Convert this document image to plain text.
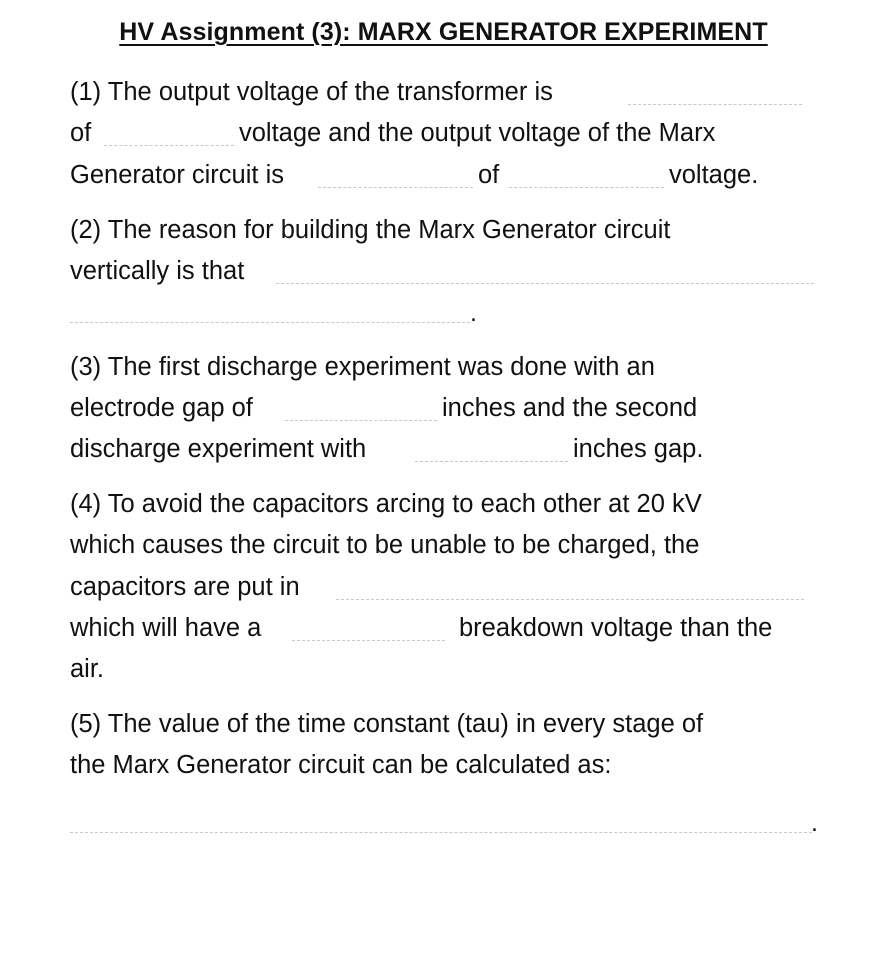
HV Assignment (3): MARX GENERATOR EXPERIMENT
(1) The output voltage of the transformer is
of	voltage and the output voltage of the Marx
Generator circuit is	of	voltage.
(2) The reason for building the Marx Generator circuit
vertically is that
.
(3) The first discharge experiment was done with an
electrode gap of	inches and the second
discharge experiment with	inches gap.
(4) To avoid the capacitors arcing to each other at 20 kV
which causes the circuit to be unable to be charged, the
capacitors are put in
which will have a	breakdown voltage than the
air.
(5) The value of the time constant (tau) in every stage of
the Marx Generator circuit can be calculated as:
.
